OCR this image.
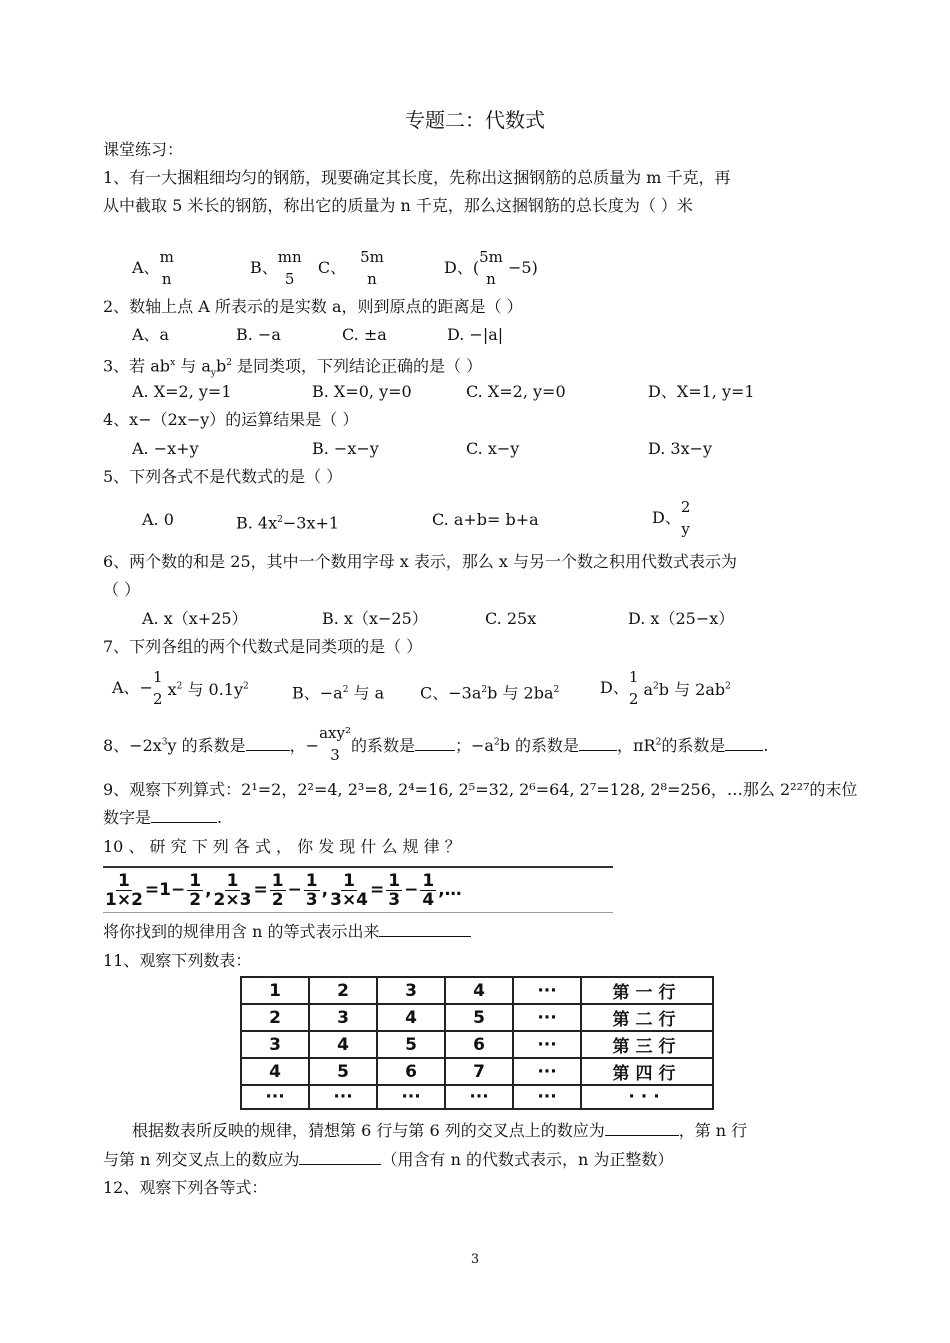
专题二：代数式
课堂练习：
1、有一大捆粗细均匀的钢筋，现要确定其长度，先称出这捆钢筋的总质量为 m 千克，再
从中截取 5 米长的钢筋，称出它的质量为 n 千克，那么这捆钢筋的总长度为（ ）米
A、
m
n
B、
mn
5
C、
5m
n
D、(
5m
n
−5)
2、数轴上点 A 所表示的是实数 a，则到原点的距离是（ ）
A、a	B. −a	C. ±a	D. −|a|
3、若 $ab^x$ 与 $a_yb^2$ 是同类项，下列结论正确的是（ ）
A. X=2, y=1	B. X=0, y=0	C. X=2, y=0	D、X=1, y=1
4、x−（2x−y）的运算结果是（ ）
A. −x+y	B. −x−y	C. x−y	D. 3x−y
5、下列各式不是代数式的是（ ）
A. 0	B. $4x^2-3x+1$	C. a+b= b+a	D、
2
y
6、两个数的和是 25，其中一个数用字母 x 表示，那么 x 与另一个数之积用代数式表示为
（ ）
A. x（x+25）	B. x（x−25）	C. 25x	D. x（25−x）
7、下列各组的两个代数式是同类项的是（ ）
A、−
1
2
$x^2$ 与 $0.1y^2$	B、$-a^2$ 与 a C、$-3a^2b$ 与 $2ba^2$	D、
1
2
$a^2b$ 与 $2ab^2$
8、$-2x^3y$ 的系数是	，−
axy²
3
的系数是	；$-a^2b$ 的系数是 ，$\pi R^2$的系数是 .
9、观察下列算式：2¹=2，2²=4, 2³=8, 2⁴=16, 2⁵=32, 2⁶=64, 2⁷=128, 2⁸=256，…那么 2²²⁷的末位
数字是	.
10 、 研 究 下 列 各 式 ， 你 发 现 什 么 规 律 ？
$\frac{1}{1\times 2} =1- \frac{1}{2}$ , $\frac{1}{2\times 3} = \frac{1}{2} - \frac{1}{3}$ , $\frac{1}{3\times 4} = \frac{1}{3} - \frac{1}{4}$ ,…
将你找到的规律用含 n 的等式表示出来
11、观察下列数表：
1	2	3	4	···	第一行
2	3	4	5	···	第二行
3	4	5	6	···	第三行
4	5	6	7	···	第四行
···	···	···	···	···	···
根据数表所反映的规律，猜想第 6 行与第 6 列的交叉点上的数应为	，第 n 行
与第 n 列交叉点上的数应为	（用含有 n 的代数式表示，n 为正整数）
12、观察下列各等式：
3
